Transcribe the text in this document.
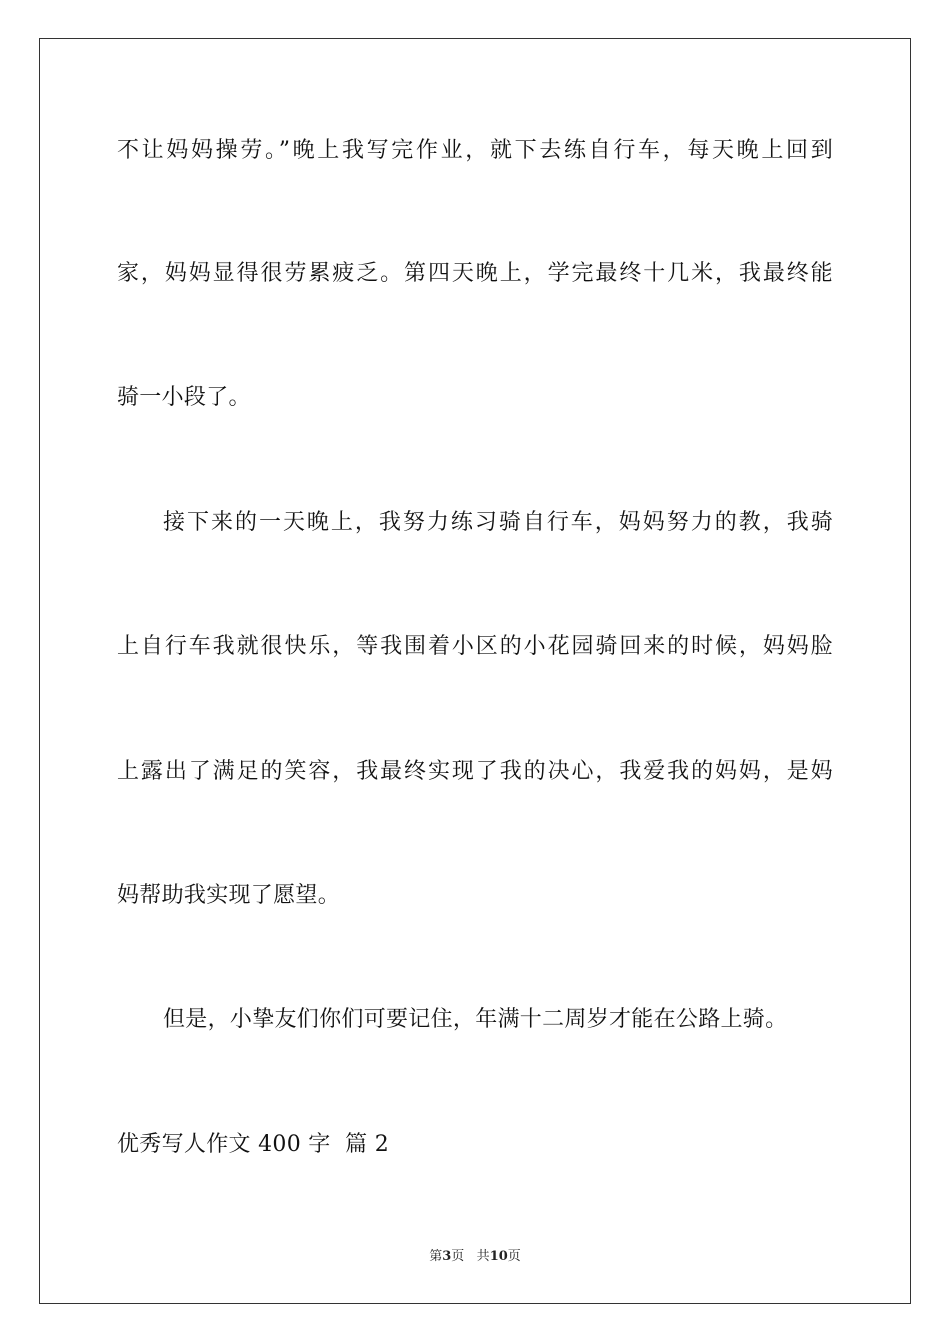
不让妈妈操劳。”晚上我写完作业，就下去练自行车，每天晚上回到
家，妈妈显得很劳累疲乏。第四天晚上，学完最终十几米，我最终能
骑一小段了。
接下来的一天晚上，我努力练习骑自行车，妈妈努力的教，我骑
上自行车我就很快乐，等我围着小区的小花园骑回来的时候，妈妈脸
上露出了满足的笑容，我最终实现了我的决心，我爱我的妈妈，是妈
妈帮助我实现了愿望。
但是，小挚友们你们可要记住，年满十二周岁才能在公路上骑。
优秀写人作文 400 字  篇 2
第3页 共10页
